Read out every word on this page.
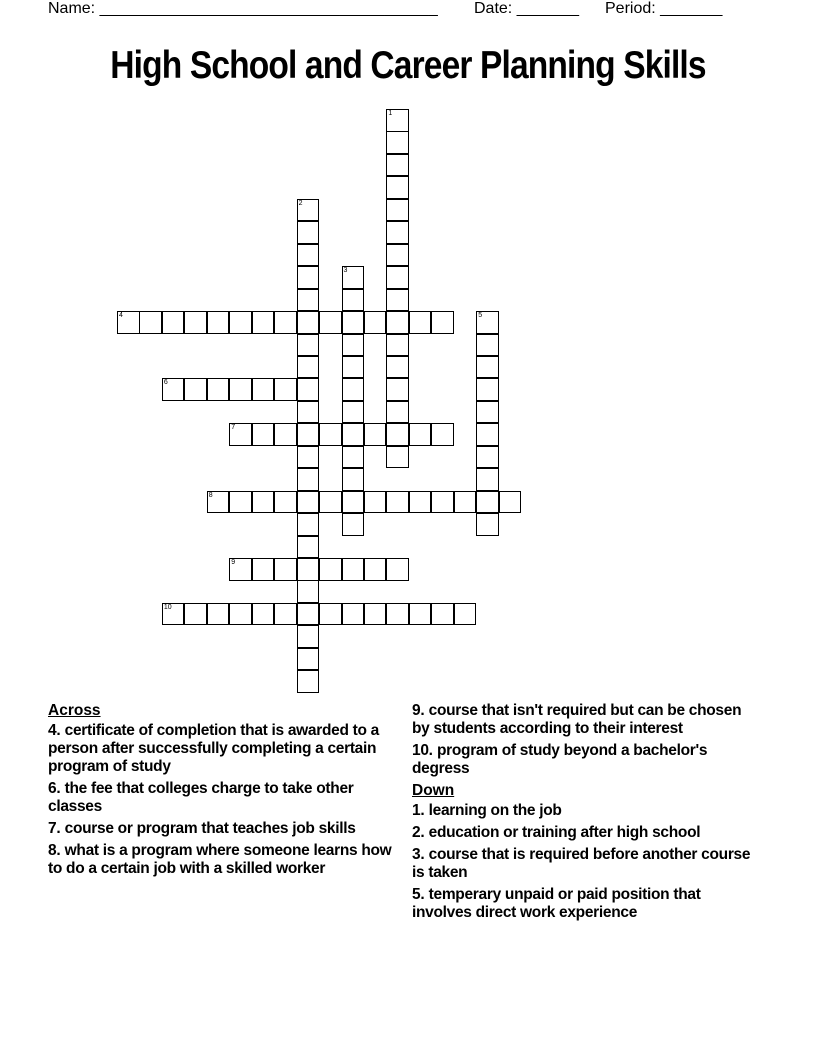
Name: ______________________________________

Date: _______

Period: _______

High School and Career Planning Skills
1
2
3
4	5
6
7
8
9
10
Across
4. certificate of completion that is awarded to a person after successfully completing a certain program of study
6. the fee that colleges charge to take other classes
7. course or program that teaches job skills
8. what is a program where someone learns how to do a certain job with a skilled worker
9. course that isn't required but can be chosen by students according to their interest
10. program of study beyond a bachelor's degress
Down
1. learning on the job
2. education or training after high school
3. course that is required before another course is taken
5. temperary unpaid or paid position that involves direct work experience
